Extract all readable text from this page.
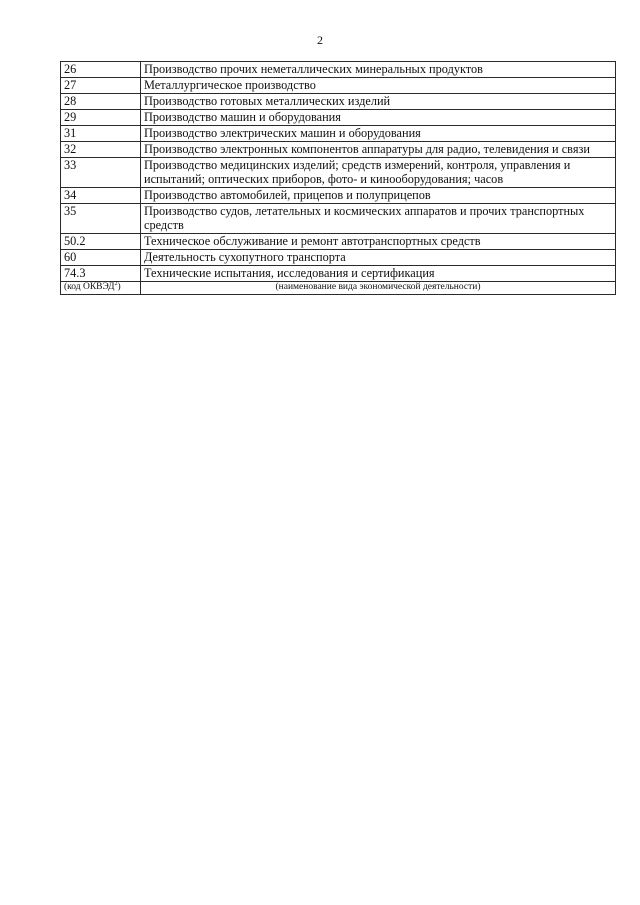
2
26	Производство прочих неметаллических минеральных продуктов
27	Металлургическое производство
28	Производство готовых металлических изделий
29	Производство машин и оборудования
31	Производство электрических машин и оборудования
32	Производство электронных компонентов аппаратуры для радио, телевидения и связи
33	Производство медицинских изделий; средств измерений, контроля, управления и испытаний; оптических приборов, фото- и кинооборудования; часов
34	Производство автомобилей, прицепов и полуприцепов
35	Производство судов, летательных и космических аппаратов и прочих транспортных средств
50.2	Техническое обслуживание и ремонт автотранспортных средств
60	Деятельность сухопутного транспорта
74.3	Технические испытания, исследования и сертификация
(код ОКВЭД$^2$)	(наименование вида экономической деятельности)
